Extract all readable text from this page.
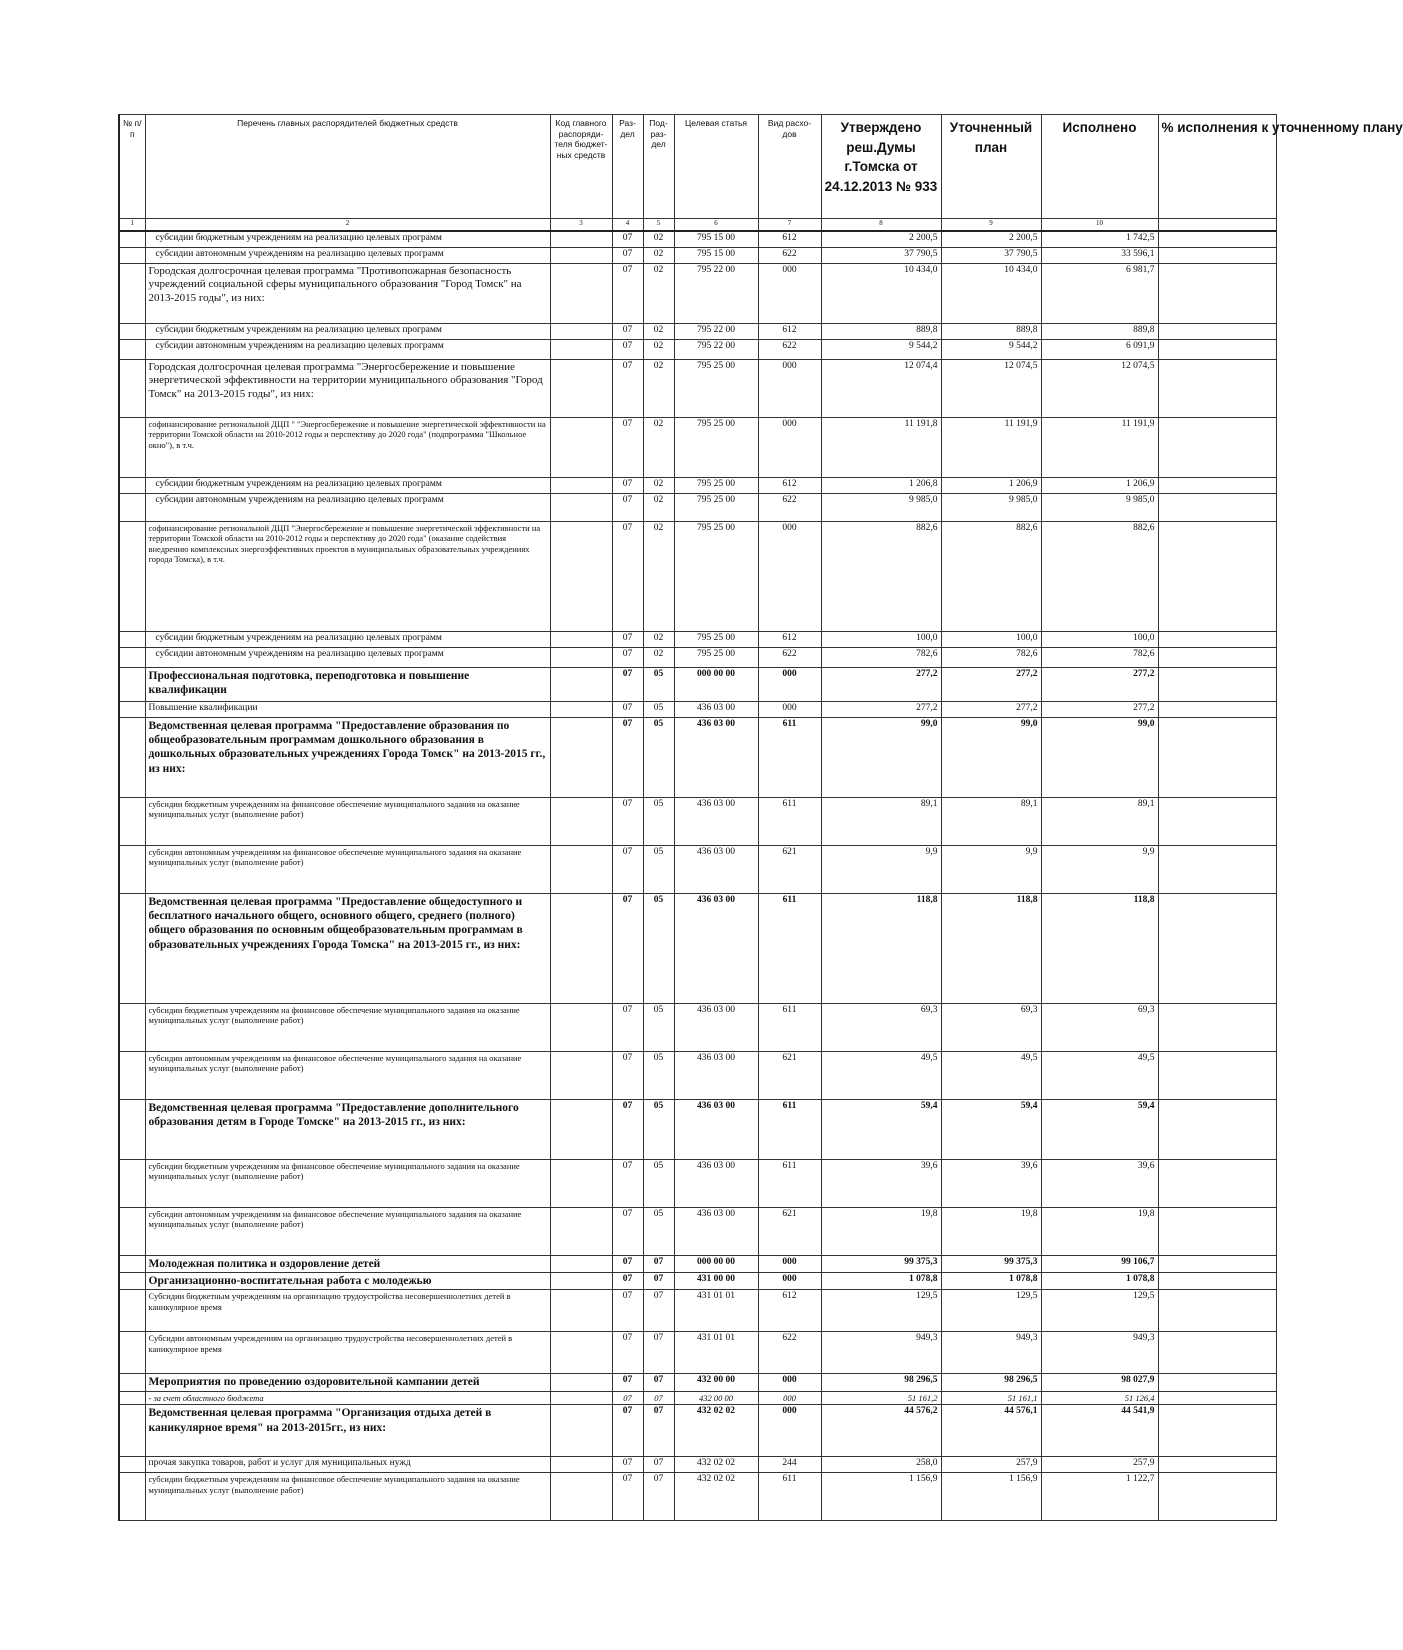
№ п/п	Перечень главных распорядителей бюджетных средств	Код главного распоряди-теля бюджет-ных средств	Раз-дел	Под-раз-дел	Целевая статья	Вид расхо-дов	Утверждено реш.Думы г.Томска от 24.12.2013 № 933	Уточненный план	Исполнено	% исполнения к уточненному плану
1	2	3	4	5	6	7	8	9	10	
	субсидии бюджетным учреждениям на реализацию целевых программ		07	02	795 15 00	612	2 200,5	2 200,5	1 742,5	
	субсидии автономным учреждениям на реализацию целевых программ		07	02	795 15 00	622	37 790,5	37 790,5	33 596,1	
	Городская долгосрочная целевая программа "Противопожарная безопасность учреждений социальной сферы муниципального образования "Город Томск" на 2013-2015 годы", из них:		07	02	795 22 00	000	10 434,0	10 434,0	6 981,7	
	субсидии бюджетным учреждениям на реализацию целевых программ		07	02	795 22 00	612	889,8	889,8	889,8	
	субсидии автономным учреждениям на реализацию целевых программ		07	02	795 22 00	622	9 544,2	9 544,2	6 091,9	
	Городская долгосрочная целевая программа "Энергосбережение и повышение энергетической эффективности на территории муниципального образования "Город Томск" на 2013-2015 годы", из них:		07	02	795 25 00	000	12 074,4	12 074,5	12 074,5	
	софинансирование региональной ДЦП " "Энергосбережение и повышение энергетической эффективности на территории Томской области на 2010-2012 годы и перспективу до 2020 года" (подпрограмма "Школьное окно"), в т.ч.		07	02	795 25 00	000	11 191,8	11 191,9	11 191,9	
	субсидии бюджетным учреждениям на реализацию целевых программ		07	02	795 25 00	612	1 206,8	1 206,9	1 206,9	
	субсидии автономным учреждениям на реализацию целевых программ		07	02	795 25 00	622	9 985,0	9 985,0	9 985,0	
	софинансирование региональной ДЦП "Энергосбережение и повышение энергетической эффективности на территории Томской области на 2010-2012 годы и перспективу до 2020 года" (оказание содействия внедрению комплексных энергоэффективных проектов в муниципальных образовательных учреждениях города Томска), в т.ч.		07	02	795 25 00	000	882,6	882,6	882,6	
	субсидии бюджетным учреждениям на реализацию целевых программ		07	02	795 25 00	612	100,0	100,0	100,0	
	субсидии автономным учреждениям на реализацию целевых программ		07	02	795 25 00	622	782,6	782,6	782,6	
	Профессиональная подготовка, переподготовка и повышение квалификации		07	05	000 00 00	000	277,2	277,2	277,2	
	Повышение квалификации		07	05	436 03 00	000	277,2	277,2	277,2	
	Ведомственная целевая программа "Предоставление образования по общеобразовательным программам дошкольного образования в дошкольных образовательных учреждениях Города Томск" на 2013-2015 гг., из них:		07	05	436 03 00	611	99,0	99,0	99,0	
	субсидии бюджетным учреждениям на финансовое обеспечение муниципального задания на оказание муниципальных услуг (выполнение работ)		07	05	436 03 00	611	89,1	89,1	89,1	
	субсидии автономным учреждениям на финансовое обеспечение муниципального задания на оказание муниципальных услуг (выполнение работ)		07	05	436 03 00	621	9,9	9,9	9,9	
	Ведомственная целевая программа "Предоставление общедоступного и бесплатного начального общего, основного общего, среднего (полного) общего образования по основным общеобразовательным программам в образовательных учреждениях Города Томска" на 2013-2015 гг., из них:		07	05	436 03 00	611	118,8	118,8	118,8	
	субсидии бюджетным учреждениям на финансовое обеспечение муниципального задания на оказание муниципальных услуг (выполнение работ)		07	05	436 03 00	611	69,3	69,3	69,3	
	субсидии автономным учреждениям на финансовое обеспечение муниципального задания на оказание муниципальных услуг (выполнение работ)		07	05	436 03 00	621	49,5	49,5	49,5	
	Ведомственная целевая программа "Предоставление дополнительного образования детям в Городе Томске" на 2013-2015 гг., из них:		07	05	436 03 00	611	59,4	59,4	59,4	
	субсидии бюджетным учреждениям на финансовое обеспечение муниципального задания на оказание муниципальных услуг (выполнение работ)		07	05	436 03 00	611	39,6	39,6	39,6	
	субсидии автономным учреждениям на финансовое обеспечение муниципального задания на оказание муниципальных услуг (выполнение работ)		07	05	436 03 00	621	19,8	19,8	19,8	
	Молодежная политика и оздоровление детей		07	07	000 00 00	000	99 375,3	99 375,3	99 106,7	
	Организационно-воспитательная работа с молодежью		07	07	431 00 00	000	1 078,8	1 078,8	1 078,8	
	Субсидии бюджетным учреждениям на организацию трудоустройства несовершеннолетних детей в каникулярное время		07	07	431 01 01	612	129,5	129,5	129,5	
	Субсидии автономным учреждениям на организацию трудоустройства несовершеннолетних детей в каникулярное время		07	07	431 01 01	622	949,3	949,3	949,3	
	Мероприятия по проведению оздоровительной кампании детей		07	07	432 00 00	000	98 296,5	98 296,5	98 027,9	
	- за счет областного бюджета		07	07	432 00 00	000	51 161,2	51 161,1	51 126,4	
	Ведомственная целевая программа "Организация отдыха детей в каникулярное время" на 2013-2015гг., из них:		07	07	432 02 02	000	44 576,2	44 576,1	44 541,9	
	прочая закупка товаров, работ и услуг для муниципальных нужд		07	07	432 02 02	244	258,0	257,9	257,9	
	субсидии бюджетным учреждениям на финансовое обеспечение муниципального задания на оказание муниципальных услуг (выполнение работ)		07	07	432 02 02	611	1 156,9	1 156,9	1 122,7	
